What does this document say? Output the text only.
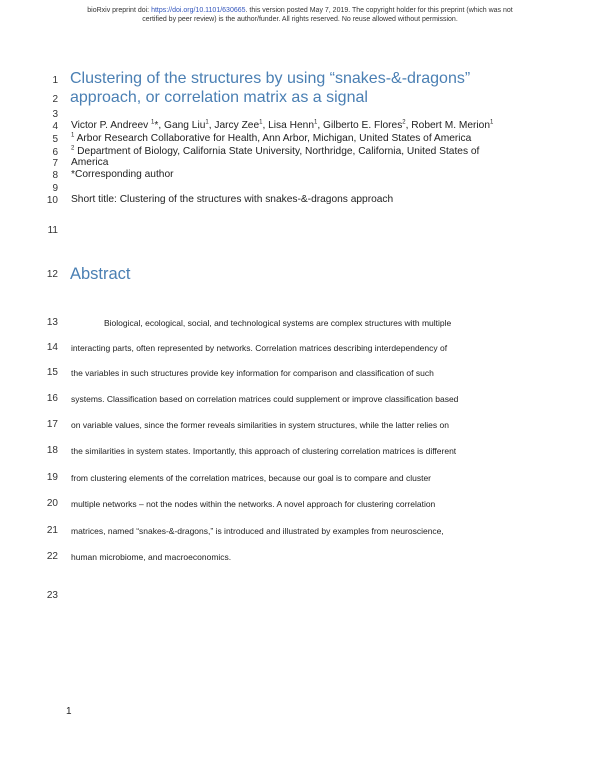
bioRxiv preprint doi: https://doi.org/10.1101/630665. this version posted May 7, 2019. The copyright holder for this preprint (which was not
certified by peer review) is the author/funder. All rights reserved. No reuse allowed without permission.
1
2
3
4
5
6
7
8
9
10
11
12
13
14
15
16
17
18
19
20
21
22
23
Clustering of the structures by using “snakes-&-dragons”
approach, or correlation matrix as a signal
Victor P. Andreev $^1$*, Gang Liu$^1$, Jarcy Zee$^1$, Lisa Henn$^1$, Gilberto E. Flores$^2$, Robert M. Merion$^1$
$^1$ Arbor Research Collaborative for Health, Ann Arbor, Michigan, United States of America
$^2$ Department of Biology, California State University, Northridge, California, United States of
America
*Corresponding author
Short title: Clustering of the structures with snakes-&-dragons approach
Abstract
Biological, ecological, social, and technological systems are complex structures with multiple
interacting parts, often represented by networks. Correlation matrices describing interdependency of
the variables in such structures provide key information for comparison and classification of such
systems. Classification based on correlation matrices could supplement or improve classification based
on variable values, since the former reveals similarities in system structures, while the latter relies on
the similarities in system states. Importantly, this approach of clustering correlation matrices is different
from clustering elements of the correlation matrices, because our goal is to compare and cluster
multiple networks – not the nodes within the networks. A novel approach for clustering correlation
matrices, named “snakes-&-dragons,” is introduced and illustrated by examples from neuroscience,
human microbiome, and macroeconomics.
1
